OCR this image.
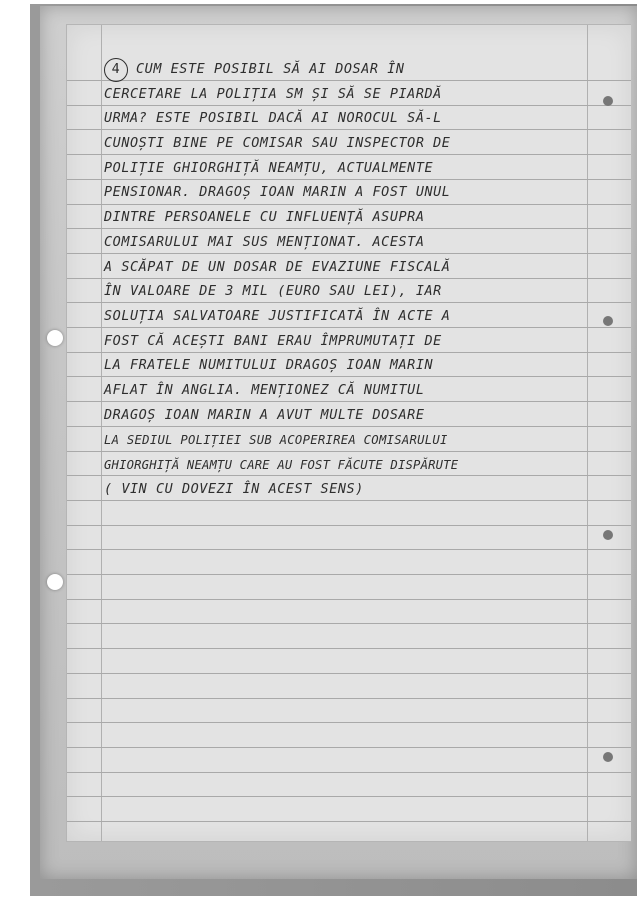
4 CUM ESTE POSIBIL SĂ AI DOSAR ÎN
CERCETARE LA POLIȚIA SM ȘI SĂ SE PIARDĂ
URMA? ESTE POSIBIL DACĂ AI NOROCUL SĂ-L
CUNOȘTI BINE PE COMISAR SAU INSPECTOR DE
POLIȚIE GHIORGHIȚĂ NEAMȚU, ACTUALMENTE
PENSIONAR. DRAGOȘ IOAN MARIN A FOST UNUL
DINTRE PERSOANELE CU INFLUENȚĂ ASUPRA
COMISARULUI MAI SUS MENȚIONAT. ACESTA
A SCĂPAT DE UN DOSAR DE EVAZIUNE FISCALĂ
ÎN VALOARE DE 3 MIL (EURO SAU LEI), IAR
SOLUȚIA SALVATOARE JUSTIFICATĂ ÎN ACTE A
FOST CĂ ACEȘTI BANI ERAU ÎMPRUMUTAȚI DE
LA FRATELE NUMITULUI DRAGOȘ IOAN MARIN
AFLAT ÎN ANGLIA. MENȚIONEZ CĂ NUMITUL
DRAGOȘ IOAN MARIN A AVUT MULTE DOSARE
LA SEDIUL POLIȚIEI SUB ACOPERIREA COMISARULUI
GHIORGHIȚĂ NEAMȚU CARE AU FOST FĂCUTE DISPĂRUTE
( VIN CU DOVEZI ÎN ACEST SENS)
